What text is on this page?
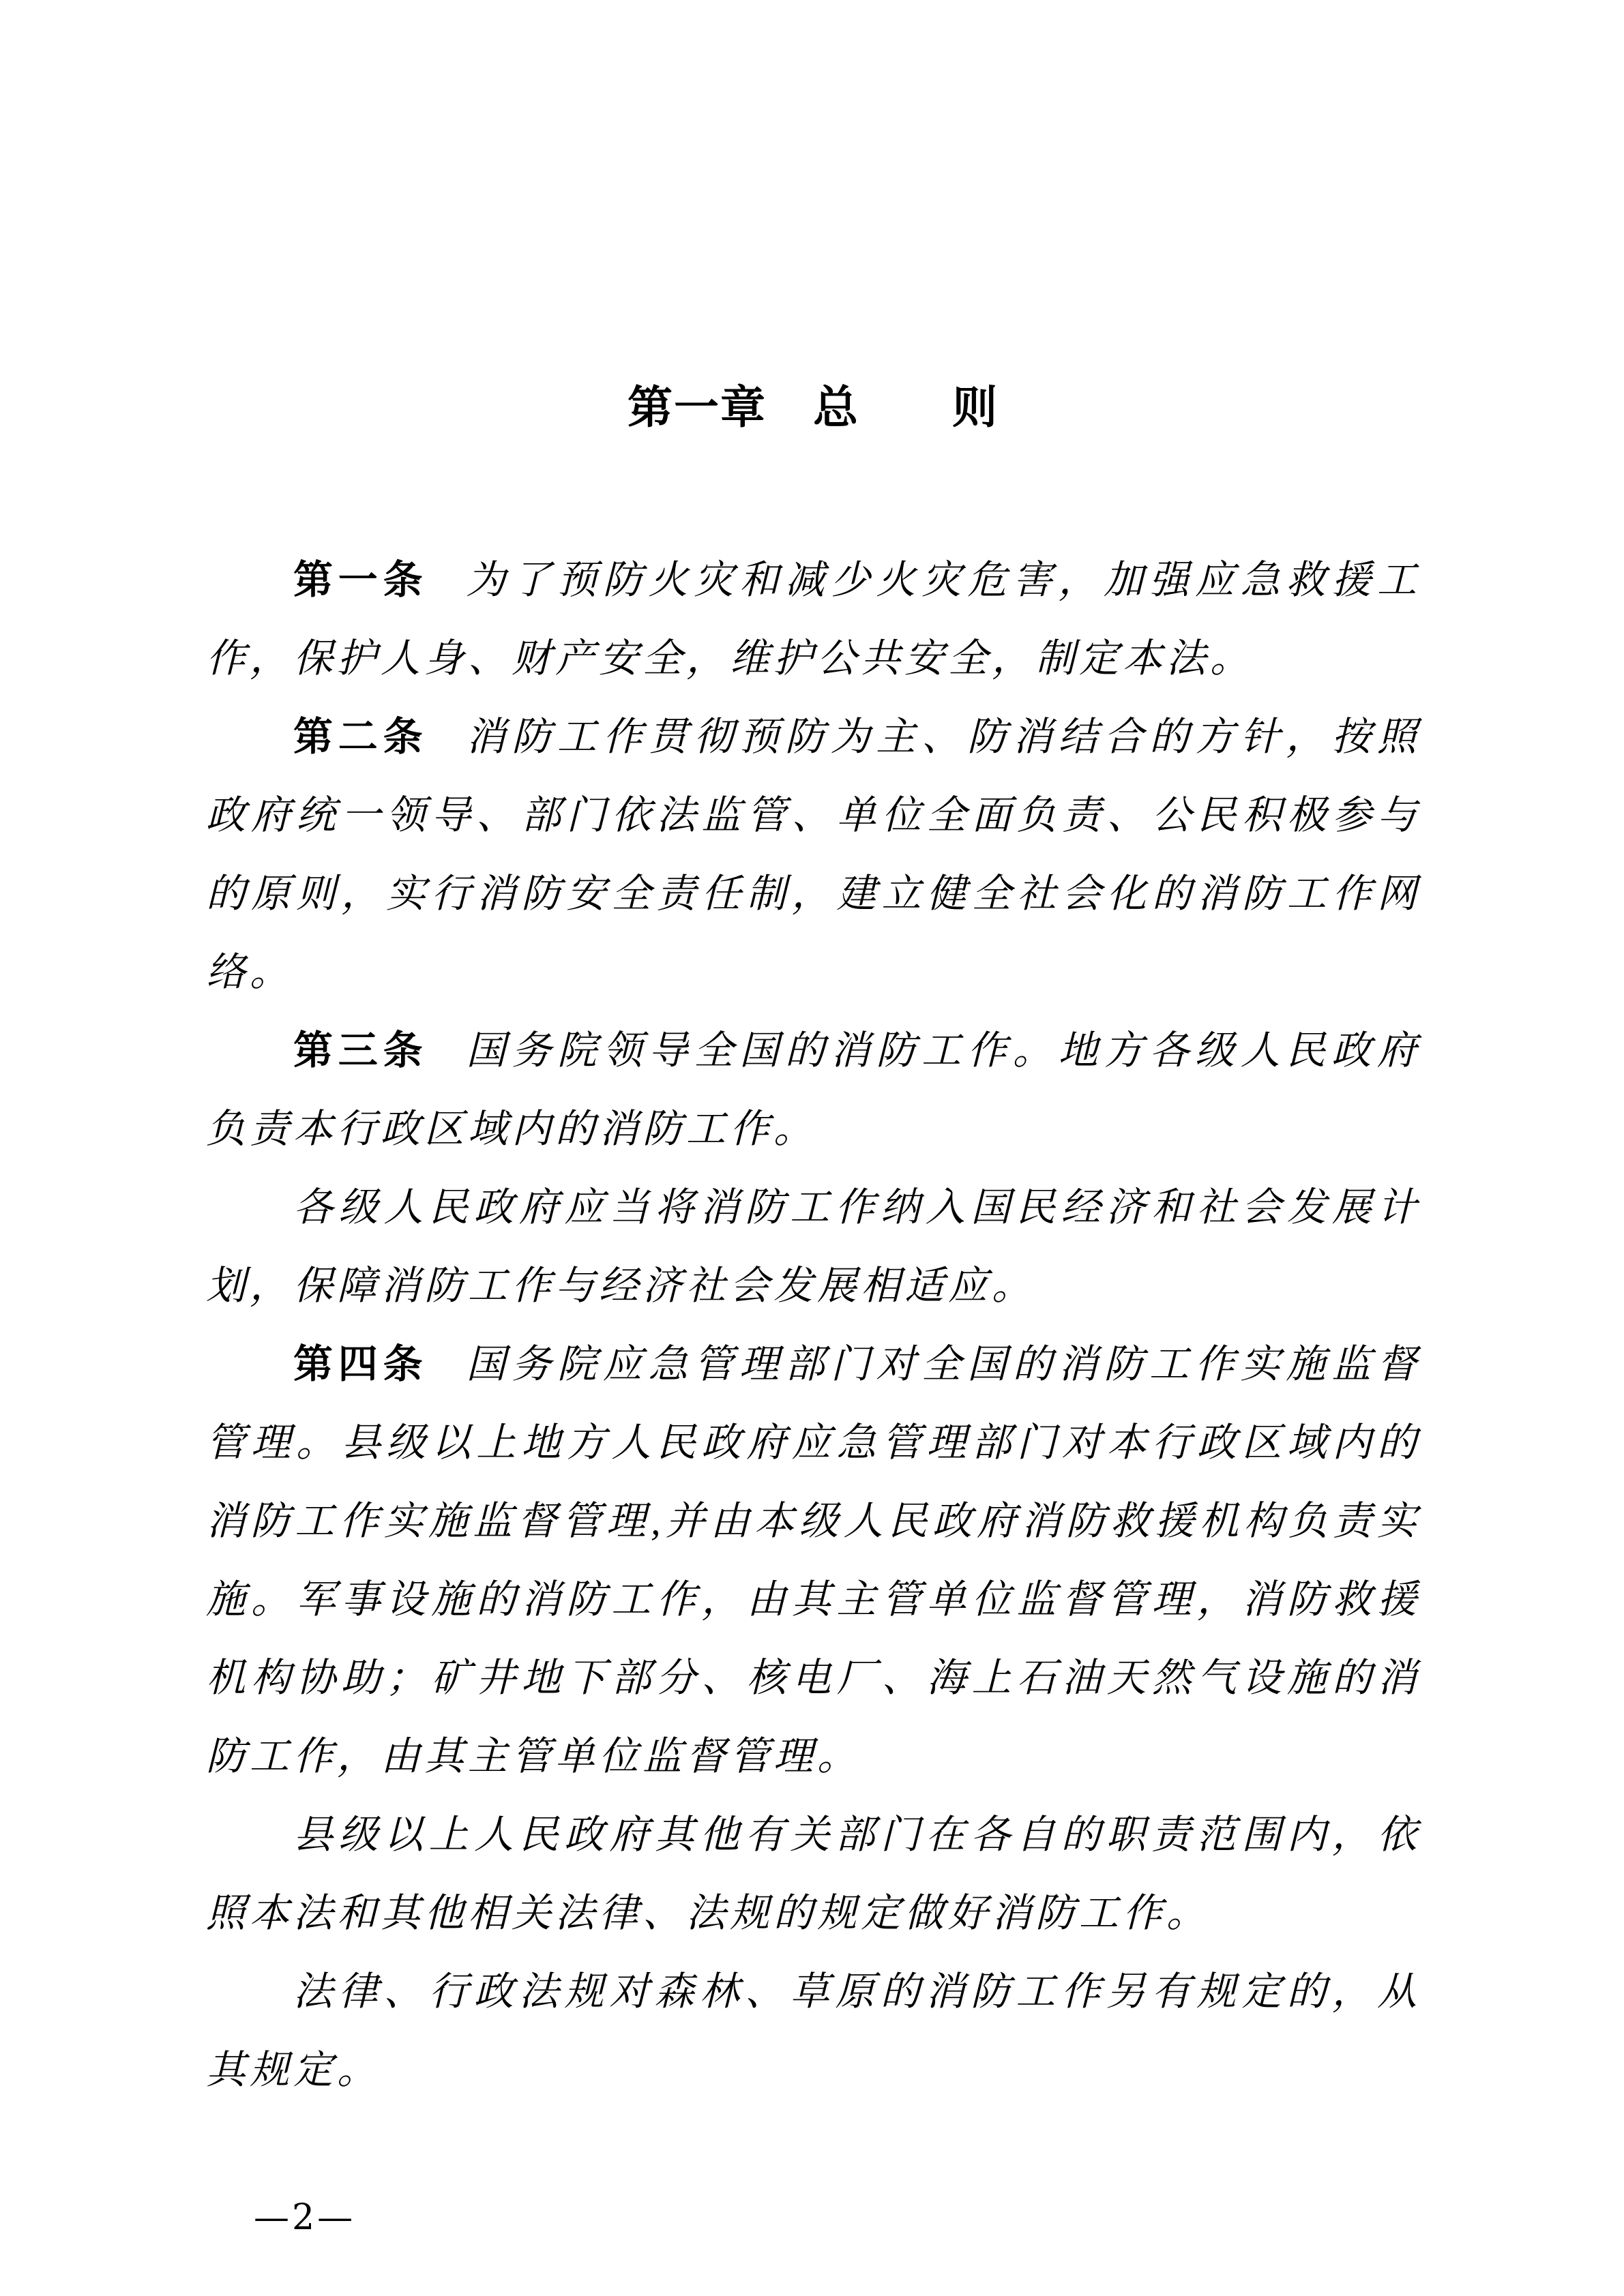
第一章　总　　则

第一条 为了预防火灾和减少火灾危害，加强应急救援工作，保护人身、财产安全，维护公共安全，制定本法。

第二条 消防工作贯彻预防为主、防消结合的方针，按照政府统一领导、部门依法监管、单位全面负责、公民积极参与的原则，实行消防安全责任制，建立健全社会化的消防工作网络。

第三条 国务院领导全国的消防工作。地方各级人民政府负责本行政区域内的消防工作。

各级人民政府应当将消防工作纳入国民经济和社会发展计划，保障消防工作与经济社会发展相适应。

第四条 国务院应急管理部门对全国的消防工作实施监督管理。县级以上地方人民政府应急管理部门对本行政区域内的消防工作实施监督管理,并由本级人民政府消防救援机构负责实施。军事设施的消防工作，由其主管单位监督管理，消防救援机构协助；矿井地下部分、核电厂、海上石油天然气设施的消防工作，由其主管单位监督管理。

县级以上人民政府其他有关部门在各自的职责范围内，依照本法和其他相关法律、法规的规定做好消防工作。

法律、行政法规对森林、草原的消防工作另有规定的，从其规定。

—2—
